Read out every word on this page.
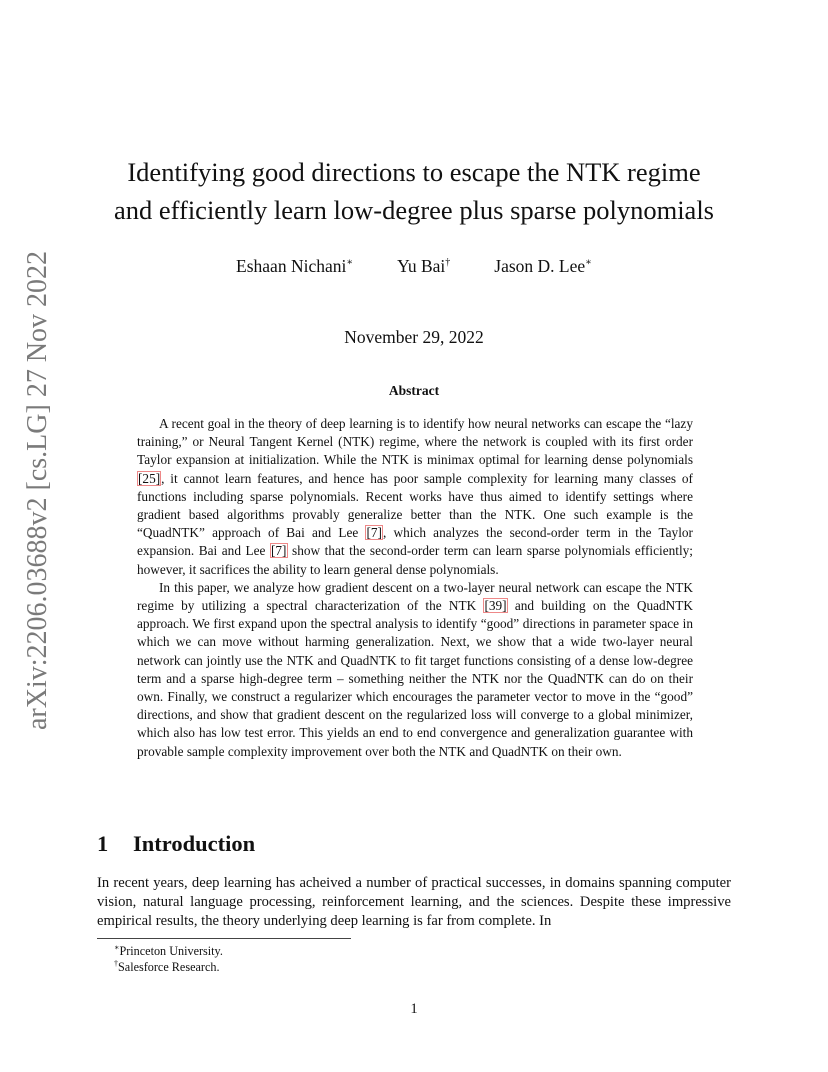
arXiv:2206.03688v2 [cs.LG] 27 Nov 2022
Identifying good directions to escape the NTK regime
and efficiently learn low-degree plus sparse polynomials
Eshaan Nichani∗	Yu Bai†	Jason D. Lee∗
November 29, 2022
Abstract

A recent goal in the theory of deep learning is to identify how neural networks can escape the “lazy training,” or Neural Tangent Kernel (NTK) regime, where the network is coupled with its first order Taylor expansion at initialization. While the NTK is minimax optimal for learning dense polynomials [25], it cannot learn features, and hence has poor sample complexity for learning many classes of functions including sparse polynomials. Recent works have thus aimed to identify settings where gradient based algorithms provably generalize better than the NTK. One such example is the “QuadNTK” approach of Bai and Lee [7], which analyzes the second-order term in the Taylor expansion. Bai and Lee [7] show that the second-order term can learn sparse polynomials efficiently; however, it sacrifices the ability to learn general dense polynomials.

In this paper, we analyze how gradient descent on a two-layer neural network can escape the NTK regime by utilizing a spectral characterization of the NTK [39] and building on the QuadNTK approach. We first expand upon the spectral analysis to identify “good” directions in parameter space in which we can move without harming generalization. Next, we show that a wide two-layer neural network can jointly use the NTK and QuadNTK to fit target functions consisting of a dense low-degree term and a sparse high-degree term – something neither the NTK nor the QuadNTK can do on their own. Finally, we construct a regularizer which encourages the parameter vector to move in the “good” directions, and show that gradient descent on the regularized loss will converge to a global minimizer, which also has low test error. This yields an end to end convergence and generalization guarantee with provable sample complexity improvement over both the NTK and QuadNTK on their own.

1 Introduction

In recent years, deep learning has acheived a number of practical successes, in domains spanning computer vision, natural language processing, reinforcement learning, and the sciences. Despite these impressive empirical results, the theory underlying deep learning is far from complete. In

∗Princeton University.
†Salesforce Research.
1
